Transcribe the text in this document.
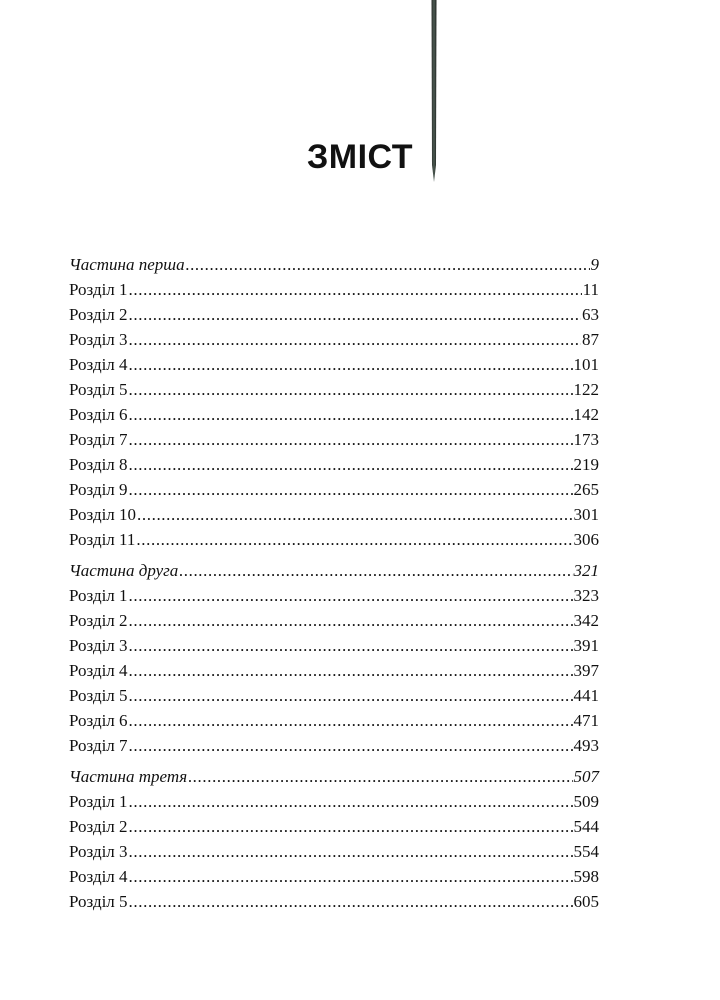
ЗМІСТ
Частина перша .....	9
Розділ 1 .....	11
Розділ 2 .....	63
Розділ 3 .....	87
Розділ 4 .....	101
Розділ 5 .....	122
Розділ 6 .....	142
Розділ 7 .....	173
Розділ 8 .....	219
Розділ 9 .....	265
Розділ 10 .....	301
Розділ 11 .....	306
Частина друга .....	321
Розділ 1 .....	323
Розділ 2 .....	342
Розділ 3 .....	391
Розділ 4 .....	397
Розділ 5 .....	441
Розділ 6 .....	471
Розділ 7 .....	493
Частина третя .....	507
Розділ 1 .....	509
Розділ 2 .....	544
Розділ 3 .....	554
Розділ 4 .....	598
Розділ 5 .....	605
